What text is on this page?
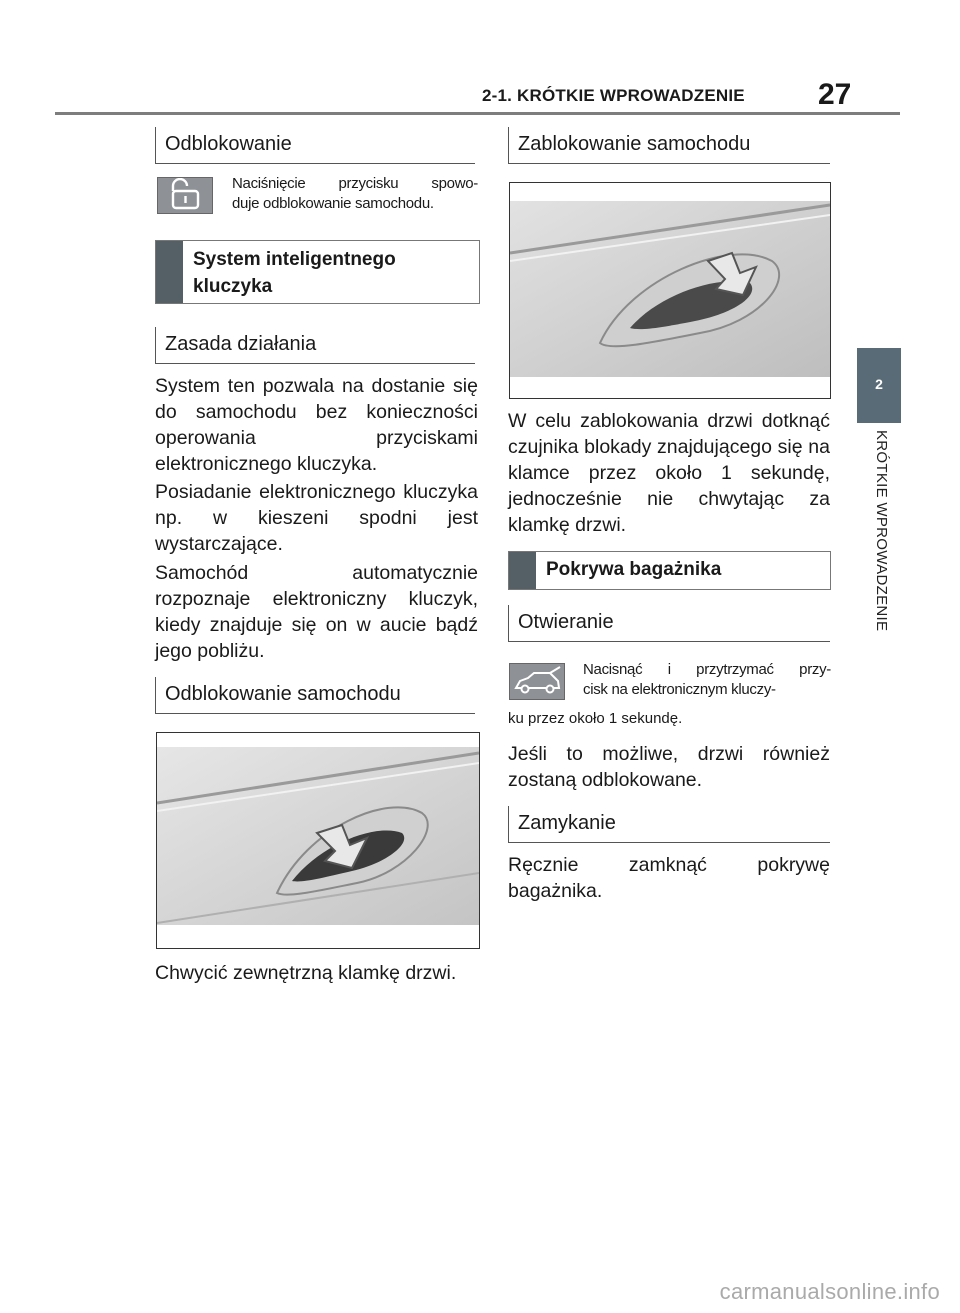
2-1. KRÓTKIE WPROWADZENIE 27
2
KRÓTKIE WPROWADZENIE
Odblokowanie
Naciśnięcie przycisku spowo-
duje odblokowanie samochodu.
System inteligentnego kluczyka
Zasada działania
System ten pozwala na dostanie się do samochodu bez konieczności operowania przyciskami elektronicznego kluczyka.
Posiadanie elektronicznego kluczyka np. w kieszeni spodni jest wystarczające.
Samochód automatycznie rozpoznaje elektroniczny kluczyk, kiedy znajduje się on w aucie bądź jego pobliżu.
Odblokowanie samochodu
Chwycić zewnętrzną klamkę drzwi.
Zablokowanie samochodu
W celu zablokowania drzwi dotknąć czujnika blokady znajdującego się na klamce przez około 1 sekundę, jednocześnie nie chwytając za klamkę drzwi.
Pokrywa bagażnika
Otwieranie
Nacisnąć i przytrzymać przy-
cisk na elektronicznym kluczy-
ku przez około 1 sekundę.
Jeśli to możliwe, drzwi również zostaną odblokowane.
Zamykanie
Ręcznie zamknąć pokrywę bagażnika.
carmanualsonline.info
